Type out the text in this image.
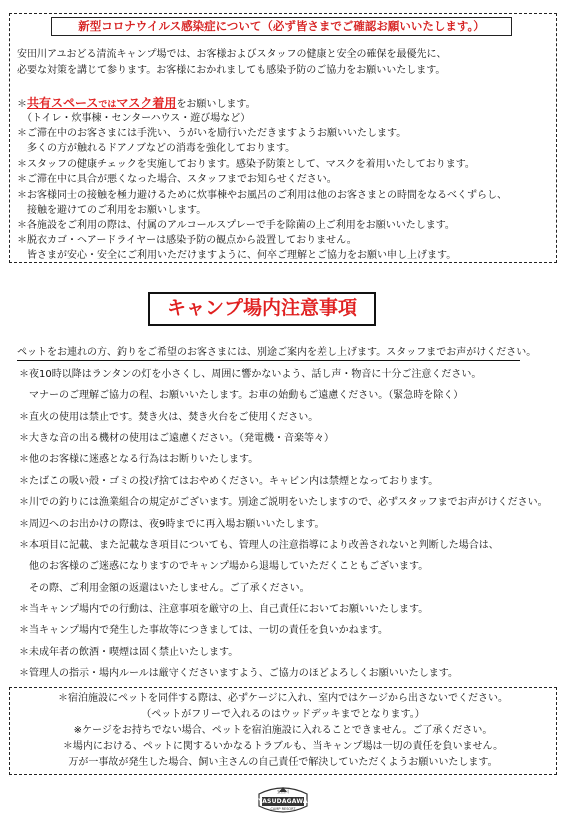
新型コロナウイルス感染症について（必ず皆さまでご確認お願いいたします。）
安田川アユおどる清流キャンプ場では、お客様およびスタッフの健康と安全の確保を最優先に、
必要な対策を講じて参ります。お客様におかれましても感染予防のご協力をお願いいたします。
＊共有スペースではマスク着用をお願いします。
（トイレ・炊事棟・センターハウス・遊び場など）
＊ご滞在中のお客さまには手洗い、うがいを励行いただきますようお願いいたします。
　多くの方が触れるドアノブなどの消毒を強化しております。
＊スタッフの健康チェックを実施しております。感染予防策として、マスクを着用いたしております。
＊ご滞在中に具合が悪くなった場合、スタッフまでお知らせください。
＊お客様同士の接触を極力避けるために炊事棟やお風呂のご利用は他のお客さまとの時間をなるべくずらし、
　接触を避けてのご利用をお願いします。
＊各施設をご利用の際は、付属のアルコールスプレーで手を除菌の上ご利用をお願いいたします。
＊脱衣カゴ・ヘアードライヤーは感染予防の観点から設置しておりません。
　皆さまが安心・安全にご利用いただけますように、何卒ご理解とご協力をお願い申し上げます。
キャンプ場内注意事項
ペットをお連れの方、釣りをご希望のお客さまには、別途ご案内を差し上げます。スタッフまでお声がけください。
＊夜10時以降はランタンの灯を小さくし、周囲に響かないよう、話し声・物音に十分ご注意ください。
　マナーのご理解ご協力の程、お願いいたします。お車の始動もご遠慮ください。（緊急時を除く）
＊直火の使用は禁止です。焚き火は、焚き火台をご使用ください。
＊大きな音の出る機材の使用はご遠慮ください。（発電機・音楽等々）
＊他のお客様に迷惑となる行為はお断りいたします。
＊たばこの吸い殻・ゴミの投げ捨てはおやめください。キャビン内は禁煙となっております。
＊川での釣りには漁業組合の規定がございます。別途ご説明をいたしますので、必ずスタッフまでお声がけください。
＊周辺へのお出かけの際は、夜9時までに再入場お願いいたします。
＊本項目に記載、また記載なき項目についても、管理人の注意指導により改善されないと判断した場合は、
　他のお客様のご迷惑になりますのでキャンプ場から退場していただくこともございます。
　その際、ご利用金額の返還はいたしません。ご了承ください。
＊当キャンプ場内での行動は、注意事項を厳守の上、自己責任においてお願いいたします。
＊当キャンプ場内で発生した事故等につきましては、一切の責任を負いかねます。
＊未成年者の飲酒・喫煙は固く禁止いたします。
＊管理人の指示・場内ルールは厳守くださいますよう、ご協力のほどよろしくお願いいたします。
＊宿泊施設にペットを同伴する際は、必ずケージに入れ、室内ではケージから出さないでください。
（ペットがフリーで入れるのはウッドデッキまでとなります。）
※ケージをお持ちでない場合、ペットを宿泊施設に入れることできません。ご了承ください。
＊場内における、ペットに関するいかなるトラブルも、当キャンプ場は一切の責任を負いません。
万が一事故が発生した場合、飼い主さんの自己責任で解決していただくようお願いいたします。
安田川
YASUDAGAWA
CAMP RESORT
